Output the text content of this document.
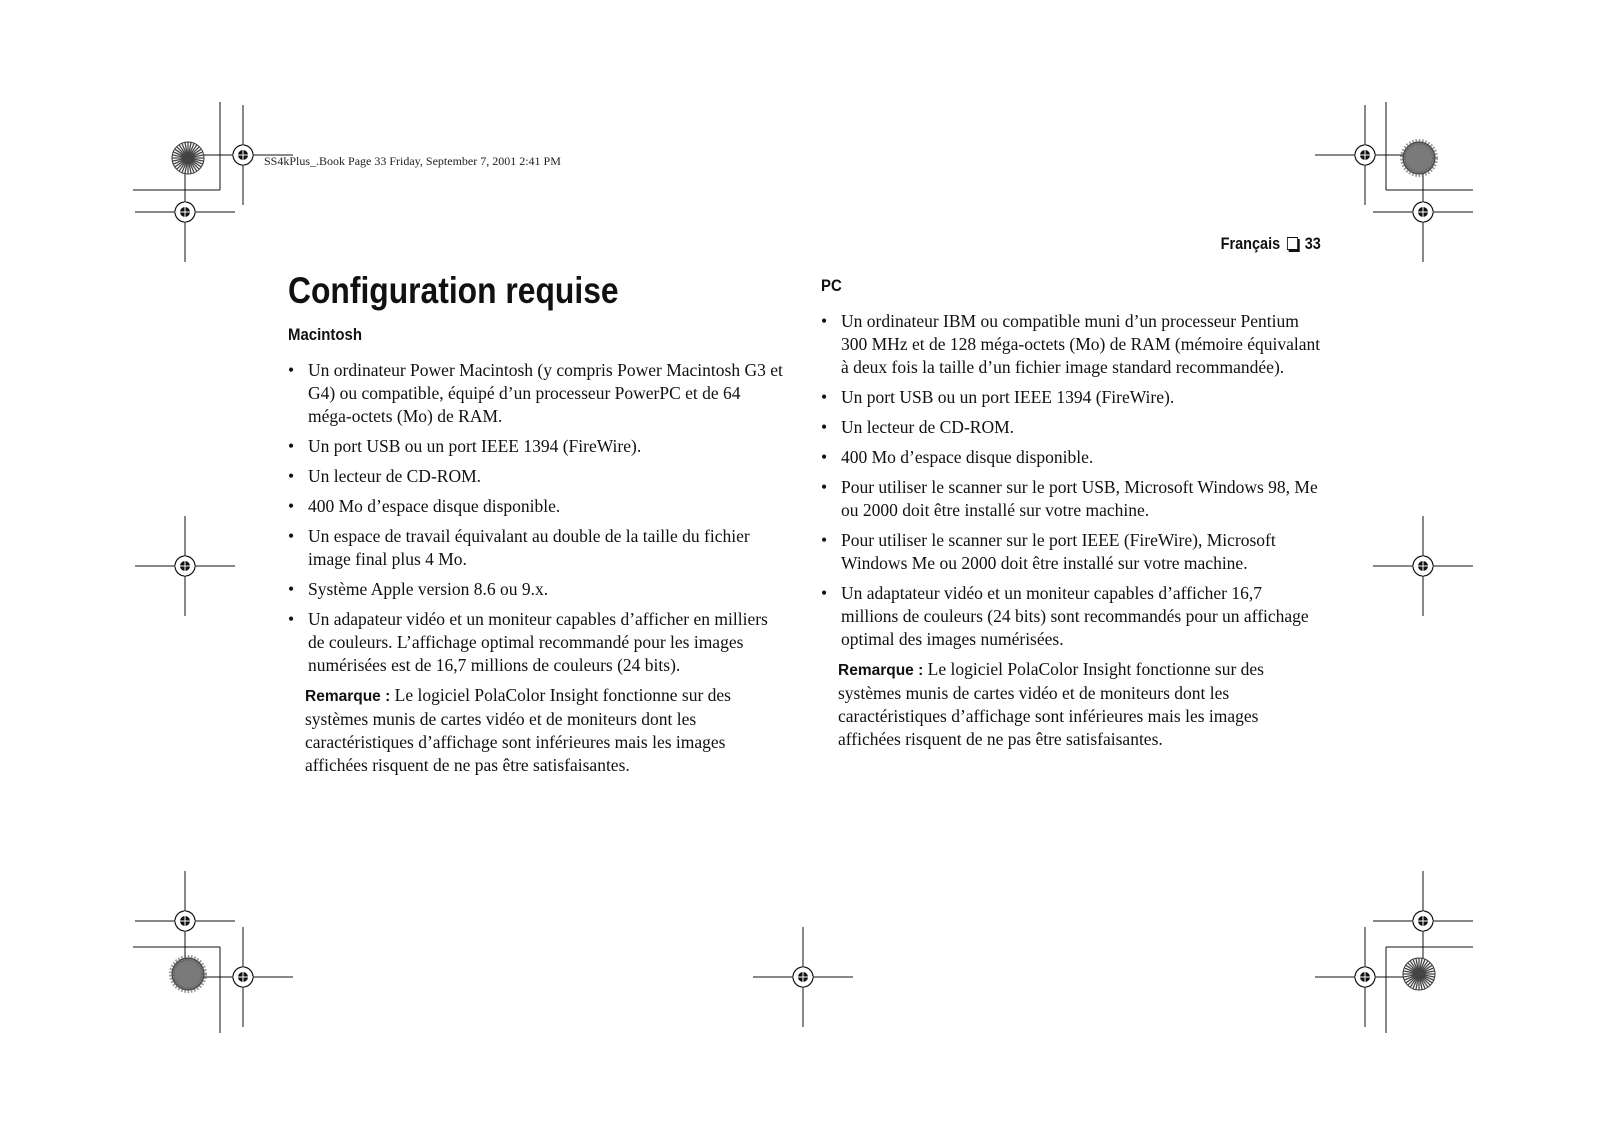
SS4kPlus_.Book Page 33 Friday, September 7, 2001 2:41 PM
Français 33
Configuration requise
Macintosh
• Un ordinateur Power Macintosh (y compris Power Macintosh G3 et G4) ou compatible, équipé d’un processeur PowerPC et de 64 méga-octets (Mo) de RAM.
• Un port USB ou un port IEEE 1394 (FireWire).
• Un lecteur de CD-ROM.
• 400 Mo d’espace disque disponible.
• Un espace de travail équivalant au double de la taille du fichier image final plus 4 Mo.
• Système Apple version 8.6 ou 9.x.
• Un adapateur vidéo et un moniteur capables d’afficher en milliers de couleurs. L’affichage optimal recommandé pour les images numérisées est de 16,7 millions de couleurs (24 bits).

Remarque : Le logiciel PolaColor Insight fonctionne sur des systèmes munis de cartes vidéo et de moniteurs dont les caractéristiques d’affichage sont inférieures mais les images affichées risquent de ne pas être satisfaisantes.

PC
• Un ordinateur IBM ou compatible muni d’un processeur Pentium 300 MHz et de 128 méga-octets (Mo) de RAM (mémoire équivalant à deux fois la taille d’un fichier image standard recommandée).
• Un port USB ou un port IEEE 1394 (FireWire).
• Un lecteur de CD-ROM.
• 400 Mo d’espace disque disponible.
• Pour utiliser le scanner sur le port USB, Microsoft Windows 98, Me ou 2000 doit être installé sur votre machine.
• Pour utiliser le scanner sur le port IEEE (FireWire), Microsoft Windows Me ou 2000 doit être installé sur votre machine.
• Un adaptateur vidéo et un moniteur capables d’afficher 16,7 millions de couleurs (24 bits) sont recommandés pour un affichage optimal des images numérisées.

Remarque : Le logiciel PolaColor Insight fonctionne sur des systèmes munis de cartes vidéo et de moniteurs dont les caractéristiques d’affichage sont inférieures mais les images affichées risquent de ne pas être satisfaisantes.
